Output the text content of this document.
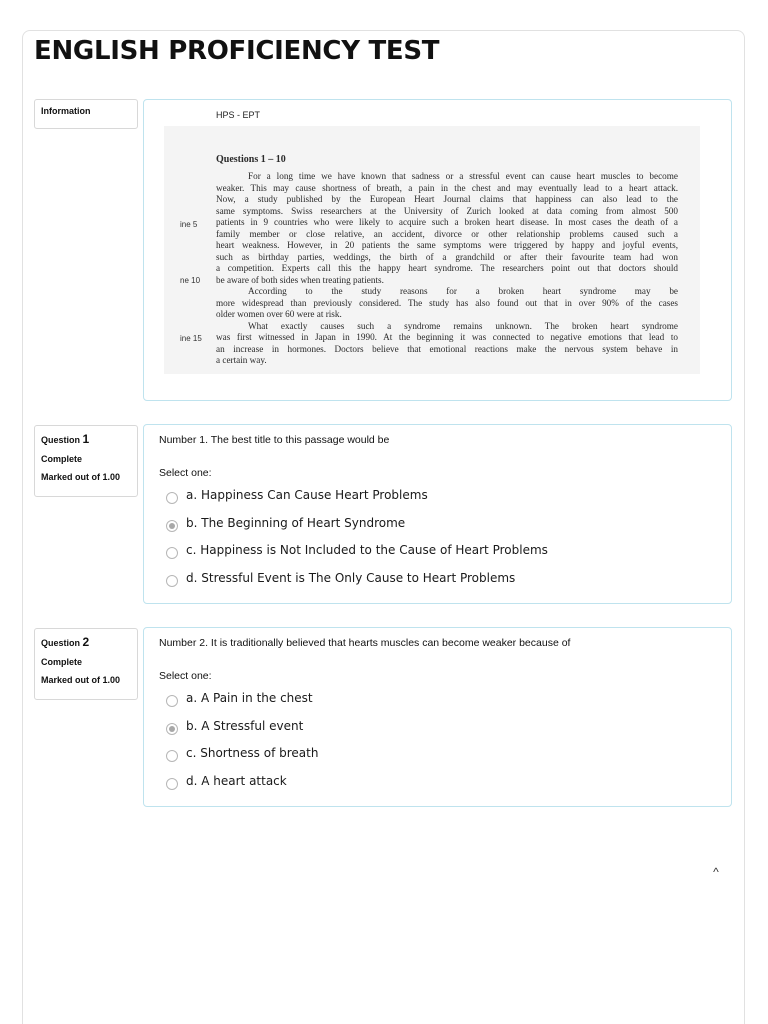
ENGLISH PROFICIENCY TEST
Information	HPS - EPT
Questions 1 – 10
ine 5
ne 10
ine 15
For a long time we have known that sadness or a stressful event can cause heart muscles to become
weaker. This may cause shortness of breath, a pain in the chest and may eventually lead to a heart attack.
Now, a study published by the European Heart Journal claims that happiness can also lead to the
same symptoms. Swiss researchers at the University of Zurich looked at data coming from almost 500
patients in 9 countries who were likely to acquire such a broken heart disease. In most cases the death of a
family member or close relative, an accident, divorce or other relationship problems caused such a
heart weakness. However, in 20 patients the same symptoms were triggered by happy and joyful events,
such as birthday parties, weddings, the birth of a grandchild or after their favourite team had won
a competition. Experts call this the happy heart syndrome. The researchers point out that doctors should
be aware of both sides when treating patients.
According to the study reasons for a broken heart syndrome may be
more widespread than previously considered. The study has also found out that in over 90% of the cases
older women over 60 were at risk.
What exactly causes such a syndrome remains unknown. The broken heart syndrome
was first witnessed in Japan in 1990. At the beginning it was connected to negative emotions that lead to
an increase in hormones. Doctors believe that emotional reactions make the nervous system behave in
a certain way.
Question 1
Complete
Marked out of 1.00
Number 1. The best title to this passage would be
Select one:
a. Happiness Can Cause Heart Problems
b. The Beginning of Heart Syndrome
c. Happiness is Not Included to the Cause of Heart Problems
d. Stressful Event is The Only Cause to Heart Problems
Question 2
Complete
Marked out of 1.00
Number 2. It is traditionally believed that hearts muscles can become weaker because of
Select one:
a. A Pain in the chest
b. A Stressful event
c. Shortness of breath
d. A heart attack
^
